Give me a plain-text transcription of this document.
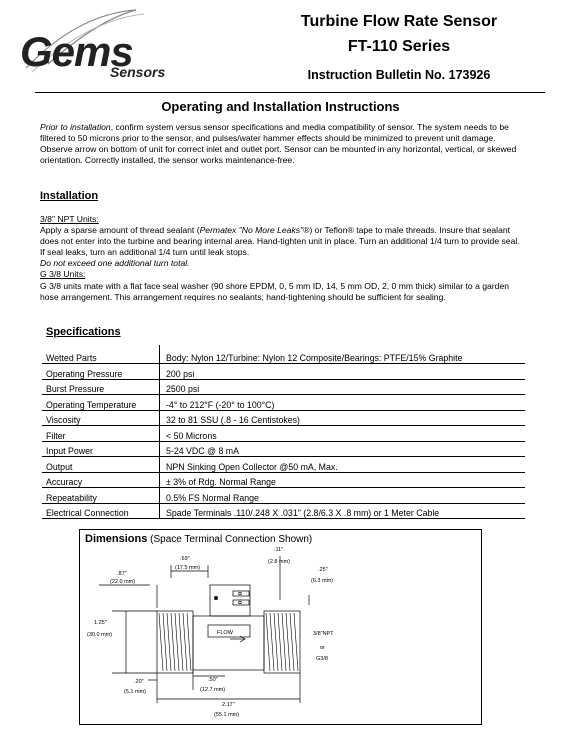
Gems
Sensors
Turbine Flow Rate Sensor
FT-110 Series
Instruction Bulletin No. 173926
Operating and Installation Instructions
Prior to installation, confirm system versus sensor specifications and media compatibility of sensor. The system needs to be filtered to 50 microns prior to the sensor, and pulses/water hammer effects should be minimized to prevent unit damage. Observe arrow on bottom of unit for correct inlet and outlet port. Sensor can be mounted in any horizontal, vertical, or skewed orientation. Correctly installed, the sensor works maintenance-free.
Installation
3/8" NPT Units:
Apply a sparse amount of thread sealant (Permatex "No More Leaks"®) or Teflon® tape to male threads. Insure that sealant does not enter into the turbine and bearing internal area. Hand-tighten unit in place. Turn an additional 1/4 turn to provide seal. If seal leaks, turn an additional 1/4 turn until leak stops.
Do not exceed one additional turn total.
G 3/8 Units:
G 3/8 units mate with a flat face seal washer (90 shore EPDM, 0, 5 mm ID, 14, 5 mm OD, 2, 0 mm thick) similar to a garden hose arrangement. This arrangement requires no sealants; hand-tightening should be sufficient for sealing.
Specifications
Wetted Parts	Body: Nylon 12/Turbine: Nylon 12 Composite/Bearings: PTFE/15% Graphite
Operating Pressure	200 psi
Burst Pressure	2500 psi
Operating Temperature	-4° to 212°F (-20° to 100°C)
Viscosity	32 to 81 SSU (.8 - 16 Centistokes)
Filter	< 50 Microns
Input Power	5-24 VDC @ 8 mA
Output	NPN Sinking Open Collector @50 mA, Max.
Accuracy	± 3% of Rdg. Normal Range
Repeatability	0.5% FS Normal Range
Electrical Connection	Spade Terminals .110/.248 X .031" (2.8/6.3 X .8 mm) or 1 Meter Cable
Dimensions (Space Terminal Connection Shown)
.69"
(17.5 mm)
.11"
(2.8 mm)
.87"
(22.0 mm)
.25"
(6.3 mm)
1.25"
(30.0 mm)	FLOW	3/8"NPT
or
G3/8
.20"
(5.1 mm)
.50"
(12.7 mm)
2.17"
(55.1 mm)
